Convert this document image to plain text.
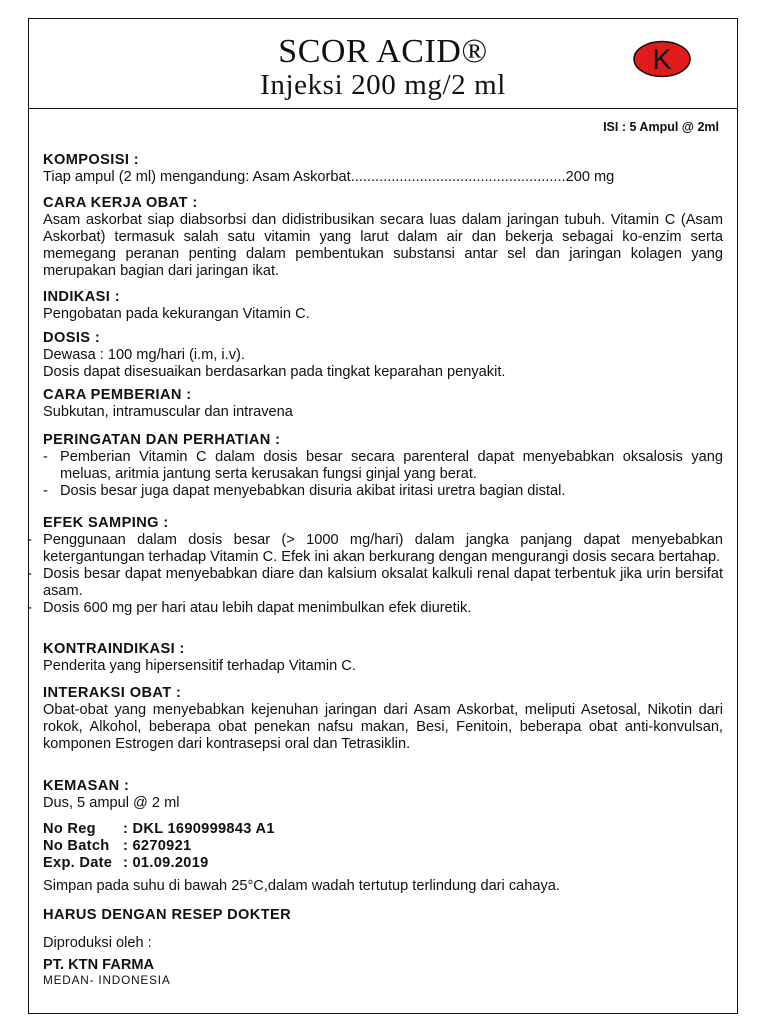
SCOR ACID®
Injeksi 200 mg/2 ml
K
ISI : 5 Ampul @ 2ml
KOMPOSISI :
Tiap ampul (2 ml) mengandung: Asam Askorbat.....................................................200 mg
CARA KERJA OBAT :
Asam askorbat siap diabsorbsi dan didistribusikan secara luas dalam jaringan tubuh. Vitamin C (Asam Askorbat) termasuk salah satu vitamin yang larut dalam air dan bekerja sebagai ko-enzim serta memegang peranan penting dalam pembentukan substansi antar sel dan jaringan kolagen yang merupakan bagian dari jaringan ikat.
INDIKASI :
Pengobatan pada kekurangan Vitamin C.
DOSIS :
Dewasa : 100 mg/hari (i.m, i.v).
Dosis dapat disesuaikan berdasarkan pada tingkat keparahan penyakit.
CARA PEMBERIAN :
Subkutan, intramuscular dan intravena
PERINGATAN DAN PERHATIAN :
- Pemberian Vitamin C dalam dosis besar secara parenteral dapat menyebabkan oksalosis yang meluas, aritmia jantung serta kerusakan fungsi ginjal yang berat.
- Dosis besar juga dapat menyebabkan disuria akibat iritasi uretra bagian distal.
EFEK SAMPING :
- Penggunaan dalam dosis besar (> 1000 mg/hari) dalam jangka panjang dapat menyebabkan ketergantungan terhadap Vitamin C. Efek ini akan berkurang dengan mengurangi dosis secara bertahap.
- Dosis besar dapat menyebabkan diare dan kalsium oksalat kalkuli renal dapat terbentuk jika urin bersifat asam.
- Dosis 600 mg per hari atau lebih dapat menimbulkan efek diuretik.
KONTRAINDIKASI :
Penderita yang hipersensitif terhadap Vitamin C.
INTERAKSI OBAT :
Obat-obat yang menyebabkan kejenuhan jaringan dari Asam Askorbat, meliputi Asetosal, Nikotin dari rokok, Alkohol, beberapa obat penekan nafsu makan, Besi, Fenitoin, beberapa obat anti-konvulsan, komponen Estrogen dari kontrasepsi oral dan Tetrasiklin.
KEMASAN :
Dus, 5 ampul @ 2 ml
No Reg	: DKL 1690999843 A1
No Batch : 6270921
Exp. Date : 01.09.2019
Simpan pada suhu di bawah 25°C,dalam wadah tertutup terlindung dari cahaya.
HARUS DENGAN RESEP DOKTER
Diproduksi oleh :
PT. KTN FARMA
MEDAN- INDONESIA
